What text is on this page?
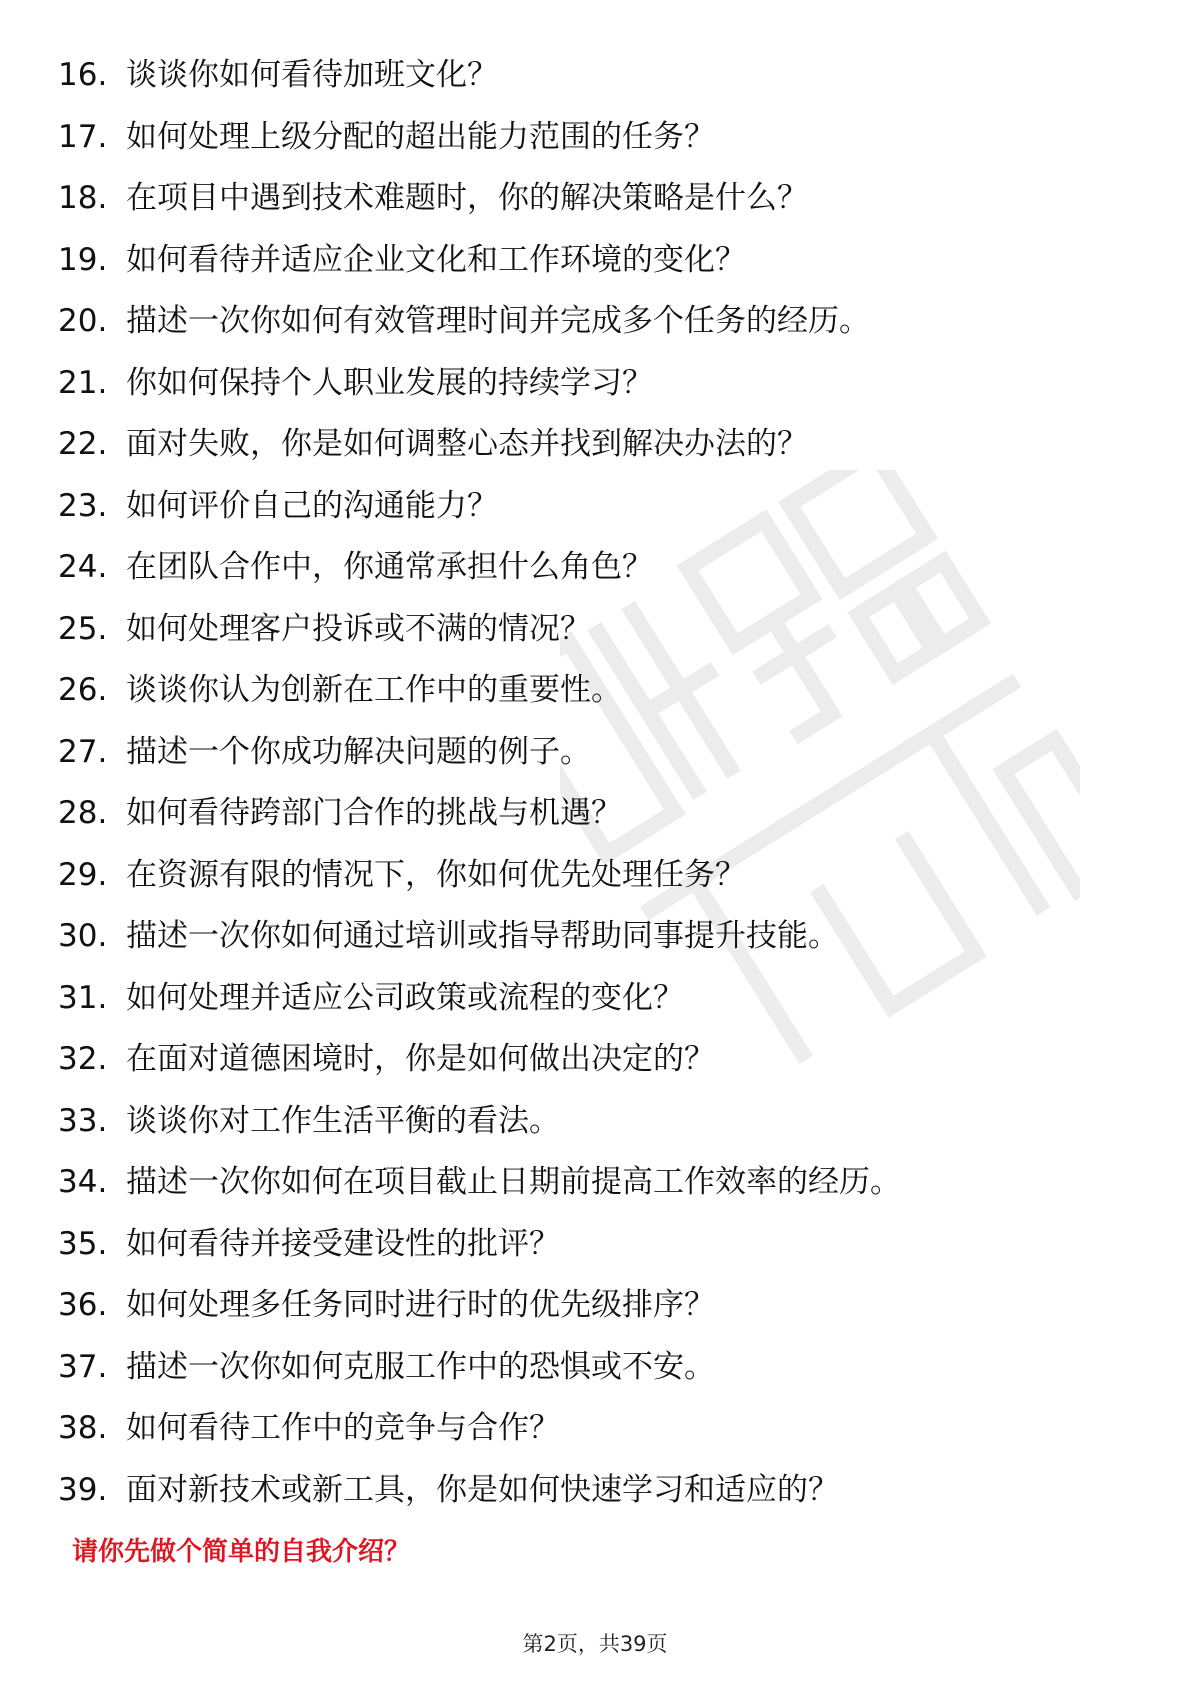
16. 谈谈你如何看待加班文化？
17. 如何处理上级分配的超出能力范围的任务？
18. 在项目中遇到技术难题时，你的解决策略是什么？
19. 如何看待并适应企业文化和工作环境的变化？
20. 描述一次你如何有效管理时间并完成多个任务的经历。
21. 你如何保持个人职业发展的持续学习？
22. 面对失败，你是如何调整心态并找到解决办法的？
23. 如何评价自己的沟通能力？
24. 在团队合作中，你通常承担什么角色？
25. 如何处理客户投诉或不满的情况？
26. 谈谈你认为创新在工作中的重要性。
27. 描述一个你成功解决问题的例子。
28. 如何看待跨部门合作的挑战与机遇？
29. 在资源有限的情况下，你如何优先处理任务？
30. 描述一次你如何通过培训或指导帮助同事提升技能。
31. 如何处理并适应公司政策或流程的变化？
32. 在面对道德困境时，你是如何做出决定的？
33. 谈谈你对工作生活平衡的看法。
34. 描述一次你如何在项目截止日期前提高工作效率的经历。
35. 如何看待并接受建设性的批评？
36. 如何处理多任务同时进行时的优先级排序？
37. 描述一次你如何克服工作中的恐惧或不安。
38. 如何看待工作中的竞争与合作？
39. 面对新技术或新工具，你是如何快速学习和适应的？
请你先做个简单的自我介绍？
第2页，共39页
